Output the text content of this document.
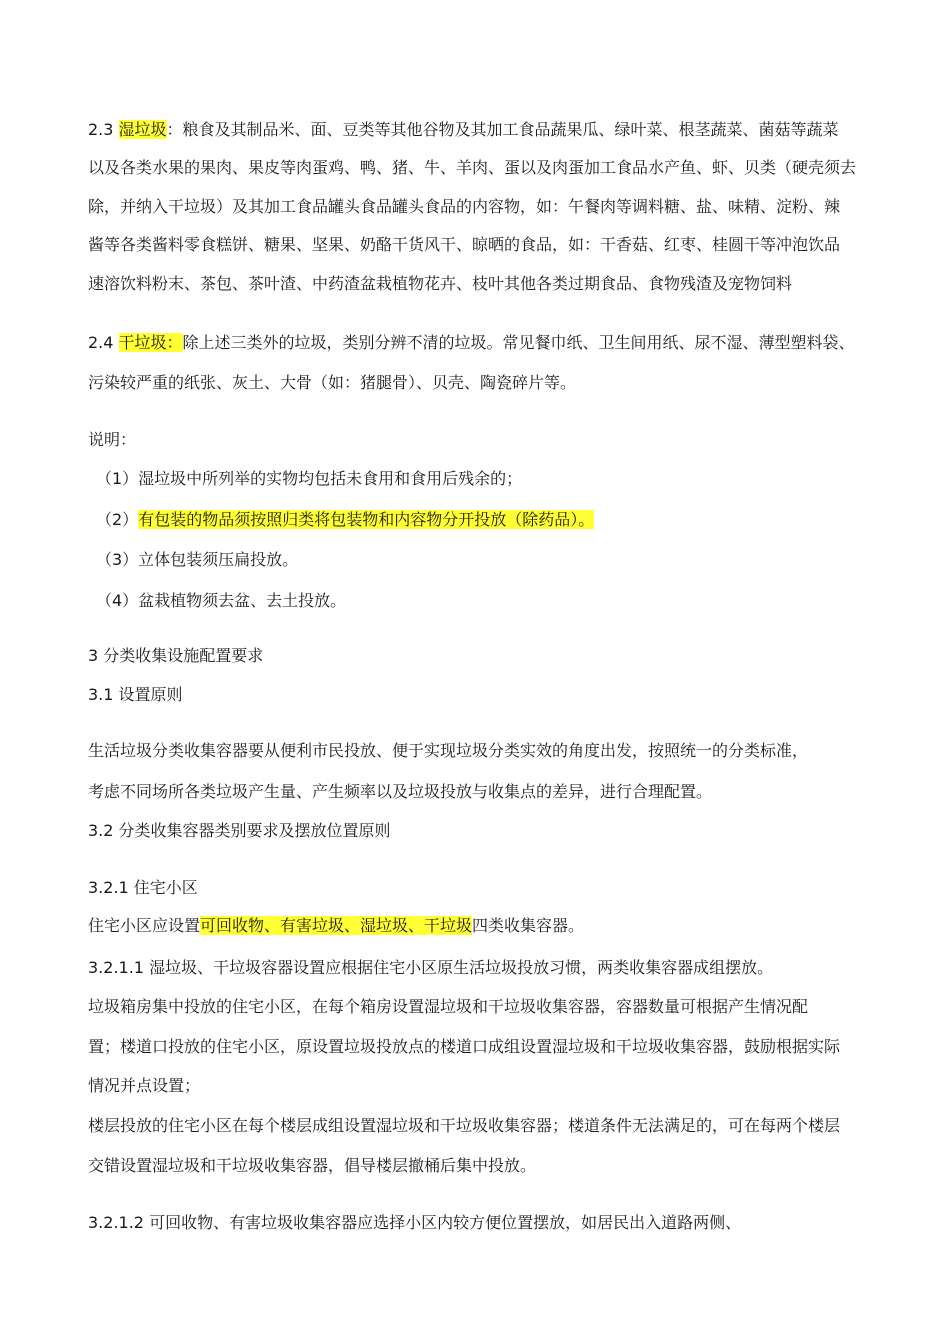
2.3 湿垃圾：粮食及其制品米、面、豆类等其他谷物及其加工食品蔬果瓜、绿叶菜、根茎蔬菜、菌菇等蔬菜
以及各类水果的果肉、果皮等肉蛋鸡、鸭、猪、牛、羊肉、蛋以及肉蛋加工食品水产鱼、虾、贝类（硬壳须去
除，并纳入干垃圾）及其加工食品罐头食品罐头食品的内容物，如：午餐肉等调料糖、盐、味精、淀粉、辣
酱等各类酱料零食糕饼、糖果、坚果、奶酪干货风干、晾晒的食品，如：干香菇、红枣、桂圆干等冲泡饮品
速溶饮料粉末、茶包、茶叶渣、中药渣盆栽植物花卉、枝叶其他各类过期食品、食物残渣及宠物饲料
2.4 干垃圾：除上述三类外的垃圾，类别分辨不清的垃圾。常见餐巾纸、卫生间用纸、尿不湿、薄型塑料袋、
污染较严重的纸张、灰土、大骨（如：猪腿骨）、贝壳、陶瓷碎片等。
说明：
（1）湿垃圾中所列举的实物均包括未食用和食用后残余的；
（2）有包装的物品须按照归类将包装物和内容物分开投放（除药品）。
（3）立体包装须压扁投放。
（4）盆栽植物须去盆、去土投放。
3 分类收集设施配置要求
3.1 设置原则
生活垃圾分类收集容器要从便利市民投放、便于实现垃圾分类实效的角度出发，按照统一的分类标准，
考虑不同场所各类垃圾产生量、产生频率以及垃圾投放与收集点的差异，进行合理配置。
3.2 分类收集容器类别要求及摆放位置原则
3.2.1 住宅小区
住宅小区应设置可回收物、有害垃圾、湿垃圾、干垃圾四类收集容器。
3.2.1.1 湿垃圾、干垃圾容器设置应根据住宅小区原生活垃圾投放习惯，两类收集容器成组摆放。
垃圾箱房集中投放的住宅小区，在每个箱房设置湿垃圾和干垃圾收集容器，容器数量可根据产生情况配
置；楼道口投放的住宅小区，原设置垃圾投放点的楼道口成组设置湿垃圾和干垃圾收集容器，鼓励根据实际
情况并点设置；
楼层投放的住宅小区在每个楼层成组设置湿垃圾和干垃圾收集容器；楼道条件无法满足的，可在每两个楼层
交错设置湿垃圾和干垃圾收集容器，倡导楼层撤桶后集中投放。
3.2.1.2 可回收物、有害垃圾收集容器应选择小区内较方便位置摆放，如居民出入道路两侧、
